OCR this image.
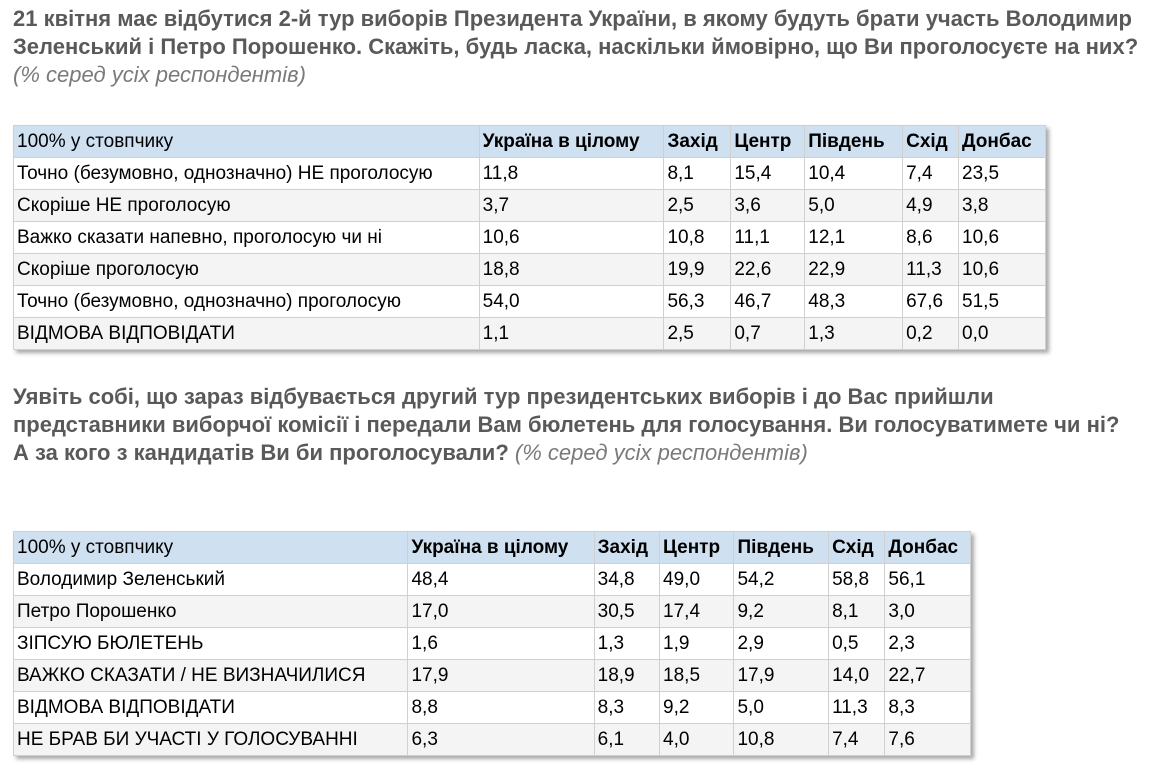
21 квітня має відбутися 2-й тур виборів Президента України, в якому будуть брати участь Володимир Зеленський і Петро Порошенко. Скажіть, будь ласка, наскільки ймовірно, що Ви проголосуєте на них? (% серед усіх респондентів)
100% у стовпчику	Україна в цілому	Захід	Центр	Південь	Схід	Донбас
Точно (безумовно, однозначно) НЕ проголосую	11,8	8,1	15,4	10,4	7,4	23,5
Скоріше НЕ проголосую	3,7	2,5	3,6	5,0	4,9	3,8
Важко сказати напевно, проголосую чи ні	10,6	10,8	11,1	12,1	8,6	10,6
Скоріше проголосую	18,8	19,9	22,6	22,9	11,3	10,6
Точно (безумовно, однозначно) проголосую	54,0	56,3	46,7	48,3	67,6	51,5
ВІДМОВА ВІДПОВІДАТИ	1,1	2,5	0,7	1,3	0,2	0,0
Уявіть собі, що зараз відбувається другий тур президентських виборів і до Вас прийшли представники виборчої комісії і передали Вам бюлетень для голосування. Ви голосуватимете чи ні? А за кого з кандидатів Ви би проголосували? (% серед усіх респондентів)
100% у стовпчику	Україна в цілому	Захід	Центр	Південь	Схід	Донбас
Володимир Зеленський	48,4	34,8	49,0	54,2	58,8	56,1
Петро Порошенко	17,0	30,5	17,4	9,2	8,1	3,0
ЗІПСУЮ БЮЛЕТЕНЬ	1,6	1,3	1,9	2,9	0,5	2,3
ВАЖКО СКАЗАТИ / НЕ ВИЗНАЧИЛИСЯ	17,9	18,9	18,5	17,9	14,0	22,7
ВІДМОВА ВІДПОВІДАТИ	8,8	8,3	9,2	5,0	11,3	8,3
НЕ БРАВ БИ УЧАСТІ У ГОЛОСУВАННІ	6,3	6,1	4,0	10,8	7,4	7,6
